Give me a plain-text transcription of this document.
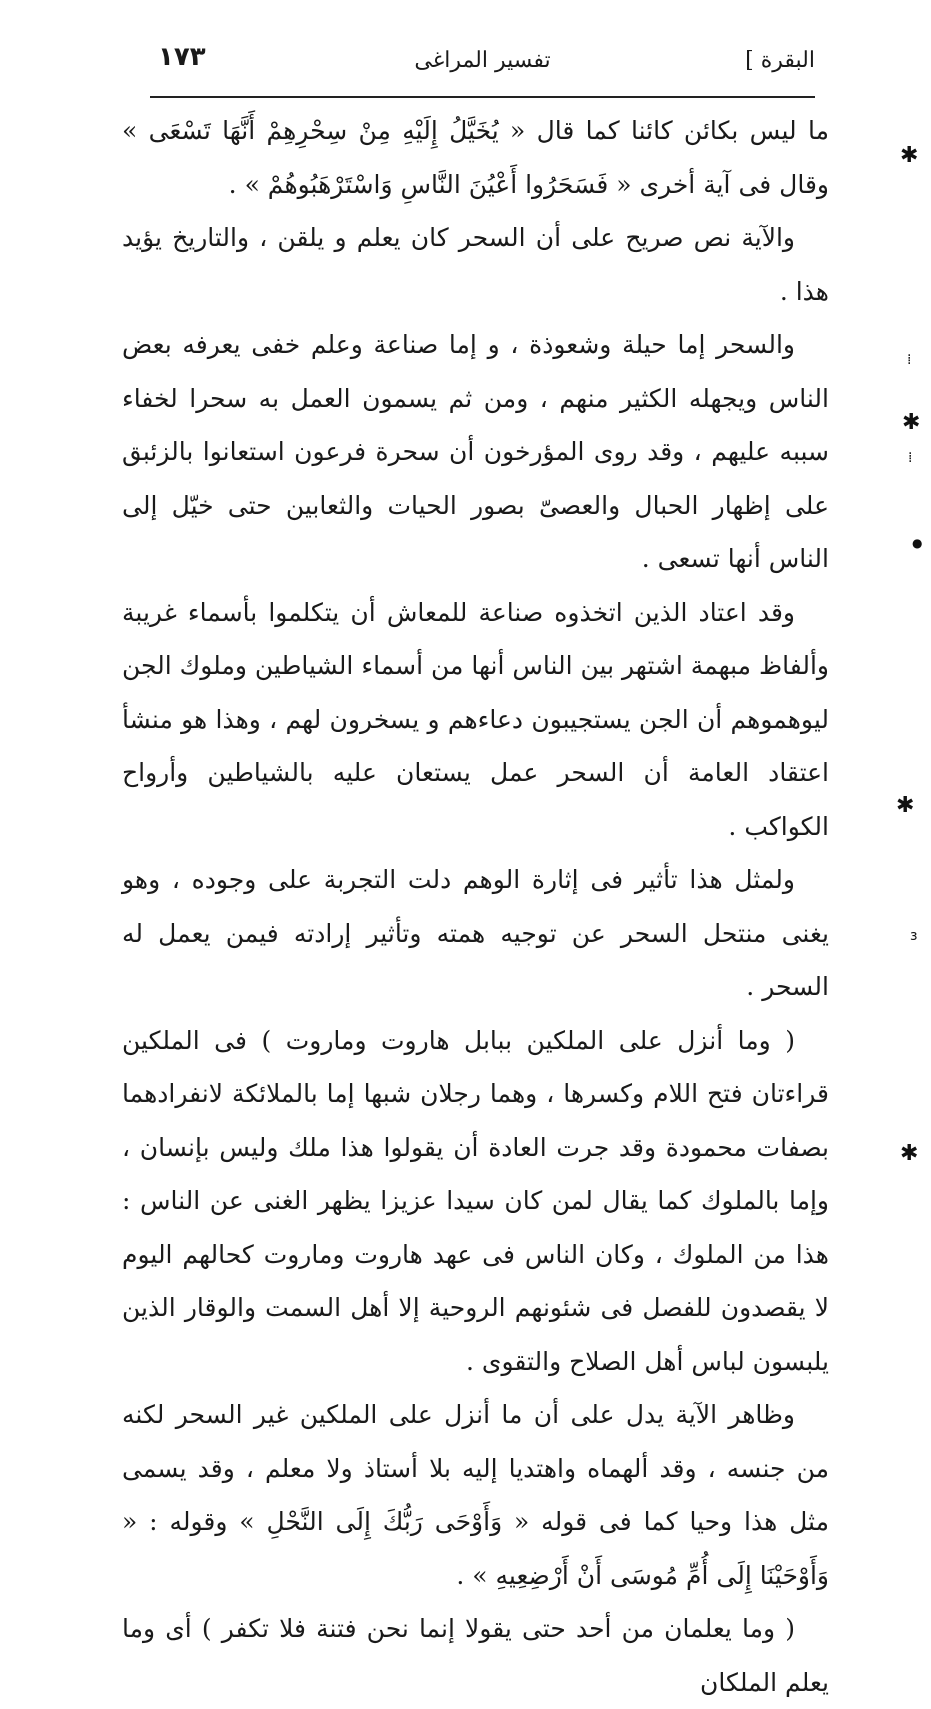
١٧٣	تفسير المراغى	البقرة ]

ما ليس بكائن كائنا كما قال « يُخَيَّلُ إِلَيْهِ مِنْ سِحْرِهِمْ أَنَّهَا تَسْعَى » وقال فى آية أخرى « فَسَحَرُوا أَعْيُنَ النَّاسِ وَاسْتَرْهَبُوهُمْ » .

والآية نص صريح على أن السحر كان يعلم و يلقن ، والتاريخ يؤيد هذا .

والسحر إما حيلة وشعوذة ، و إما صناعة وعلم خفى يعرفه بعض الناس ويجهله الكثير منهم ، ومن ثم يسمون العمل به سحرا لخفاء سببه عليهم ، وقد روى المؤرخون أن سحرة فرعون استعانوا بالزئبق على إظهار الحبال والعصىّ بصور الحيات والثعابين حتى خيّل إلى الناس أنها تسعى .

وقد اعتاد الذين اتخذوه صناعة للمعاش أن يتكلموا بأسماء غريبة وألفاظ مبهمة اشتهر بين الناس أنها من أسماء الشياطين وملوك الجن ليوهموهم أن الجن يستجيبون دعاءهم و يسخرون لهم ، وهذا هو منشأ اعتقاد العامة أن السحر عمل يستعان عليه بالشياطين وأرواح الكواكب .

ولمثل هذا تأثير فى إثارة الوهم دلت التجربة على وجوده ، وهو يغنى منتحل السحر عن توجيه همته وتأثير إرادته فيمن يعمل له السحر .

( وما أنزل على الملكين ببابل هاروت وماروت ) فى الملكين قراءتان فتح اللام وكسرها ، وهما رجلان شبها إما بالملائكة لانفرادهما بصفات محمودة وقد جرت العادة أن يقولوا هذا ملك وليس بإنسان ، وإما بالملوك كما يقال لمن كان سيدا عزيزا يظهر الغنى عن الناس : هذا من الملوك ، وكان الناس فى عهد هاروت وماروت كحالهم اليوم لا يقصدون للفصل فى شئونهم الروحية إلا أهل السمت والوقار الذين يلبسون لباس أهل الصلاح والتقوى .

وظاهر الآية يدل على أن ما أنزل على الملكين غير السحر لكنه من جنسه ، وقد ألهماه واهتديا إليه بلا أستاذ ولا معلم ، وقد يسمى مثل هذا وحيا كما فى قوله « وَأَوْحَى رَبُّكَ إِلَى النَّحْلِ » وقوله : « وَأَوْحَيْنَا إِلَى أُمِّ مُوسَى أَنْ أَرْضِعِيهِ » .

( وما يعلمان من أحد حتى يقولا إنما نحن فتنة فلا تكفر ) أى وما يعلم الملكان

✱
⁞
✱
⁞
●
✱
ɜ
✱
